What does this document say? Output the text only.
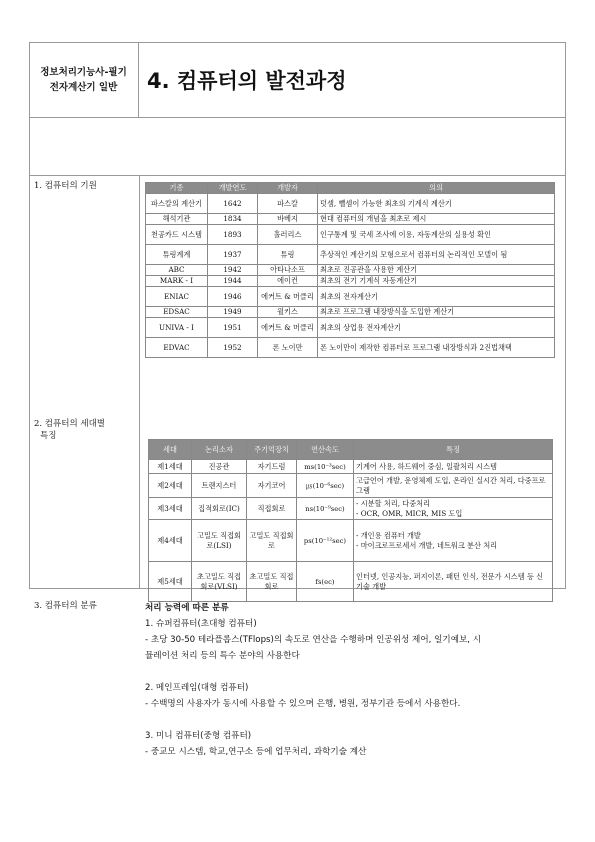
정보처리기능사-필기
전자계산기 일반	4. 컴퓨터의 발전과정
1. 컴퓨터의 기원
2. 컴퓨터의 세대별
특징
3. 컴퓨터의 분류
기종	개발연도	개발자	의의
파스칼의 계산기	1642	파스칼	덧셈, 뺄셈이 가능한 최초의 기계식 계산기
해석기관	1834	바베지	현대 컴퓨터의 개념을 최초로 제시
천공카드 시스템	1893	홀러리스	인구통계 및 국세 조사에 이용, 자동계산의 실용성 확인
튜링계계	1937	튜링	추상적인 계산기의 모형으로서 컴퓨터의 논리적인 모델이 됨
ABC	1942	아타나소프	최초로 진공관을 사용한 계산기
MARK - I	1944	에이컨	최초의 전기 기계식 자동계산기
ENIAC	1946	에커트 & 머클리	최초의 전자계산기
EDSAC	1949	윌키스	최초로 프로그램 내장방식을 도입한 계산기
UNIVA - I	1951	에커트 & 머클리	최초의 상업용 전자계산기
EDVAC	1952	폰 노이만	폰 노이만이 제작한 컴퓨터로 프로그램 내장방식과 2진법채택
세대	논리소자	주기억장치	연산속도	특징
제1세대	진공관	자기드럼	ms(10⁻³sec)	기계어 사용, 하드웨어 중심, 일괄처리 시스템
제2세대	트랜지스터	자기코어	㎲(10⁻⁶sec)	고급언어 개발, 운영체제 도입, 온라인 실시간 처리, 다중프로그램
제3세대	집적회로(IC)	직접회로	ns(10⁻⁹sec)	- 시분할 처리, 다중처리
- OCR, OMR, MICR, MIS 도입
제4세대	고밀도 직접회로(LSI)	고밀도 직접회로	ps(10⁻¹²sec)	- 개인용 컴퓨터 개발
- 마이크로프로세서 개발, 네트워크 분산 처리
제5세대	초고밀도 직접회로(VLSI)	초고밀도 직접회로	fs(ec)	인터넷, 인공지능, 퍼지이론, 패턴 인식, 전문가 시스템 등 신기술 개발
처리 능력에 따른 분류
1. 슈퍼컴퓨터(초대형 컴퓨터)
- 초당 30-50 테라플롭스(TFlops)의 속도로 연산을 수행하며 인공위성 제어, 일기예보, 시
뮬레이션 처리 등의 특수 분야의 사용한다
2. 메인프레임(대형 컴퓨터)
- 수백명의 사용자가 동시에 사용할 수 있으며 은행, 병원, 정부기관 등에서 사용한다.
3. 미니 컴퓨터(중형 컴퓨터)
- 중교모 시스템, 학교,연구소 등에 업무처리, 과학기술 계산
